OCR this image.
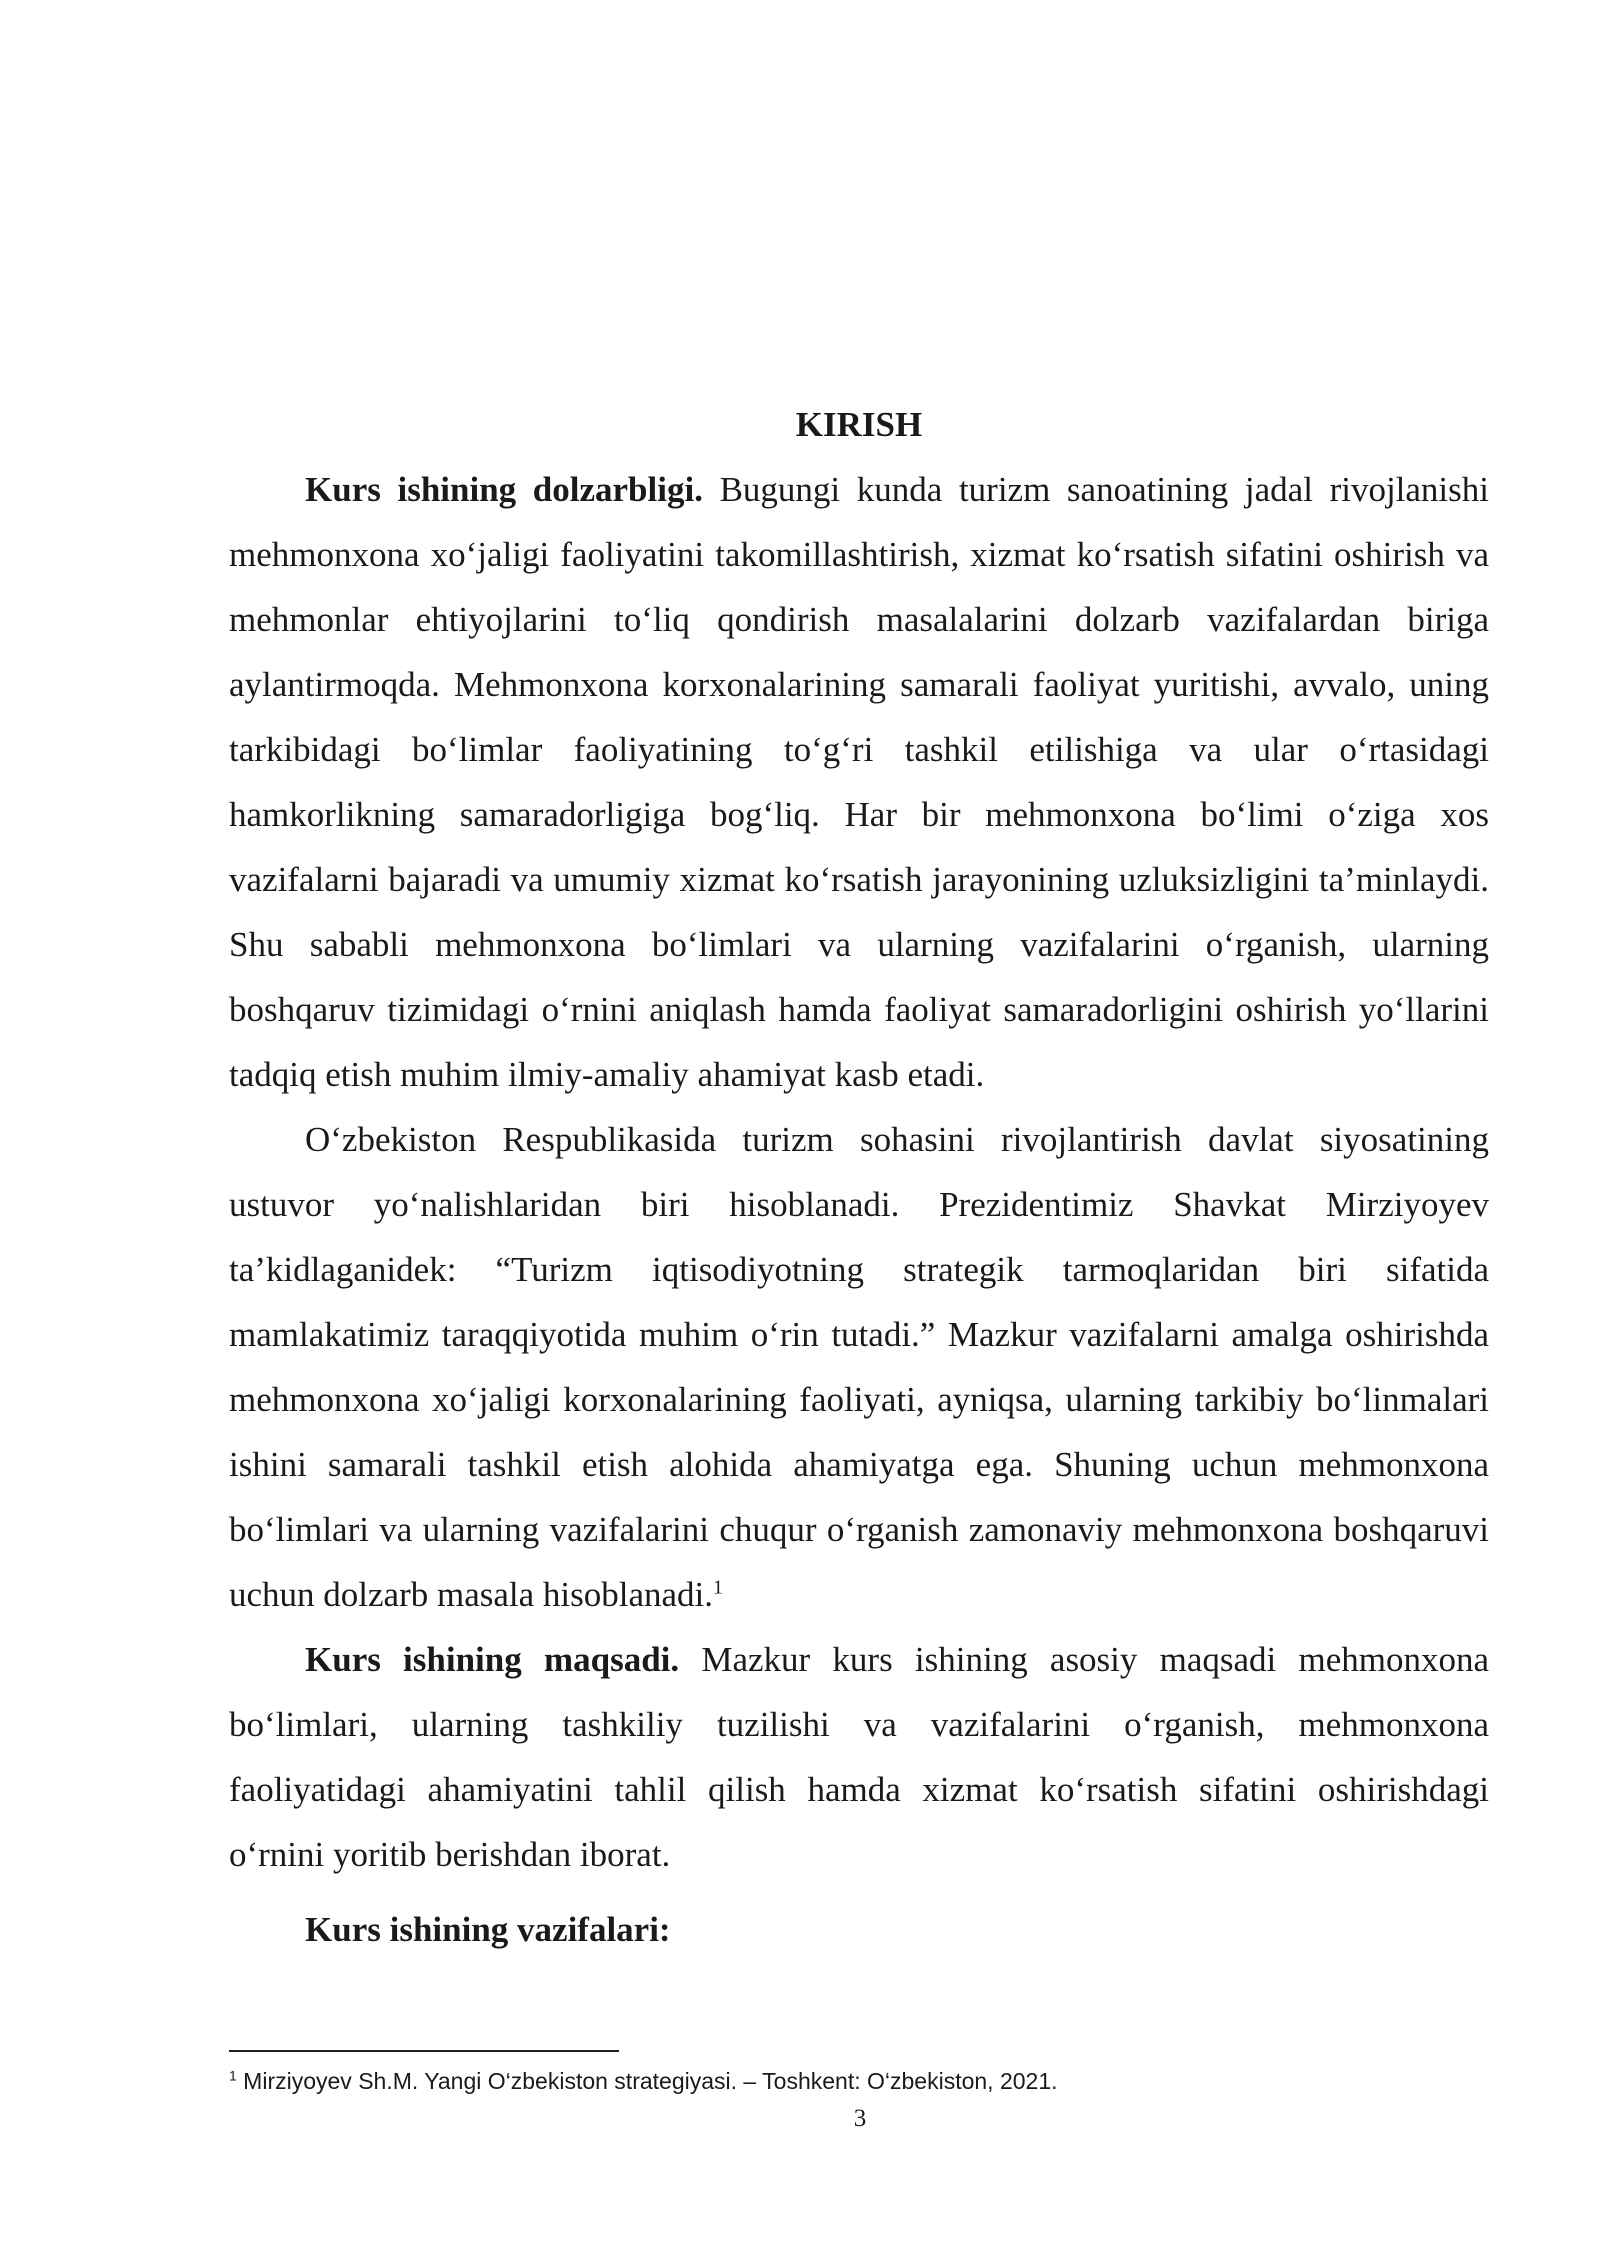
KIRISH

Kurs ishining dolzarbligi. Bugungi kunda turizm sanoatining jadal rivojlanishi mehmonxona xo‘jaligi faoliyatini takomillashtirish, xizmat ko‘rsatish sifatini oshirish va mehmonlar ehtiyojlarini to‘liq qondirish masalalarini dolzarb vazifalardan biriga aylantirmoqda. Mehmonxona korxonalarining samarali faoliyat yuritishi, avvalo, uning tarkibidagi bo‘limlar faoliyatining to‘g‘ri tashkil etilishiga va ular o‘rtasidagi hamkorlikning samaradorligiga bog‘liq. Har bir mehmonxona bo‘limi o‘ziga xos vazifalarni bajaradi va umumiy xizmat ko‘rsatish jarayonining uzluksizligini ta’minlaydi. Shu sababli mehmonxona bo‘limlari va ularning vazifalarini o‘rganish, ularning boshqaruv tizimidagi o‘rnini aniqlash hamda faoliyat samaradorligini oshirish yo‘llarini tadqiq etish muhim ilmiy-amaliy ahamiyat kasb etadi.

O‘zbekiston Respublikasida turizm sohasini rivojlantirish davlat siyosatining ustuvor yo‘nalishlaridan biri hisoblanadi. Prezidentimiz Shavkat Mirziyoyev ta’kidlaganidek: “Turizm iqtisodiyotning strategik tarmoqlaridan biri sifatida mamlakatimiz taraqqiyotida muhim o‘rin tutadi.” Mazkur vazifalarni amalga oshirishda mehmonxona xo‘jaligi korxonalarining faoliyati, ayniqsa, ularning tarkibiy bo‘linmalari ishini samarali tashkil etish alohida ahamiyatga ega. Shuning uchun mehmonxona bo‘limlari va ularning vazifalarini chuqur o‘rganish zamonaviy mehmonxona boshqaruvi uchun dolzarb masala hisoblanadi.$^1$

Kurs ishining maqsadi. Mazkur kurs ishining asosiy maqsadi mehmonxona bo‘limlari, ularning tashkiliy tuzilishi va vazifalarini o‘rganish, mehmonxona faoliyatidagi ahamiyatini tahlil qilish hamda xizmat ko‘rsatish sifatini oshirishdagi o‘rnini yoritib berishdan iborat.

Kurs ishining vazifalari:

$^1$ Mirziyoyev Sh.M. Yangi O‘zbekiston strategiyasi. – Toshkent: O‘zbekiston, 2021.
3
